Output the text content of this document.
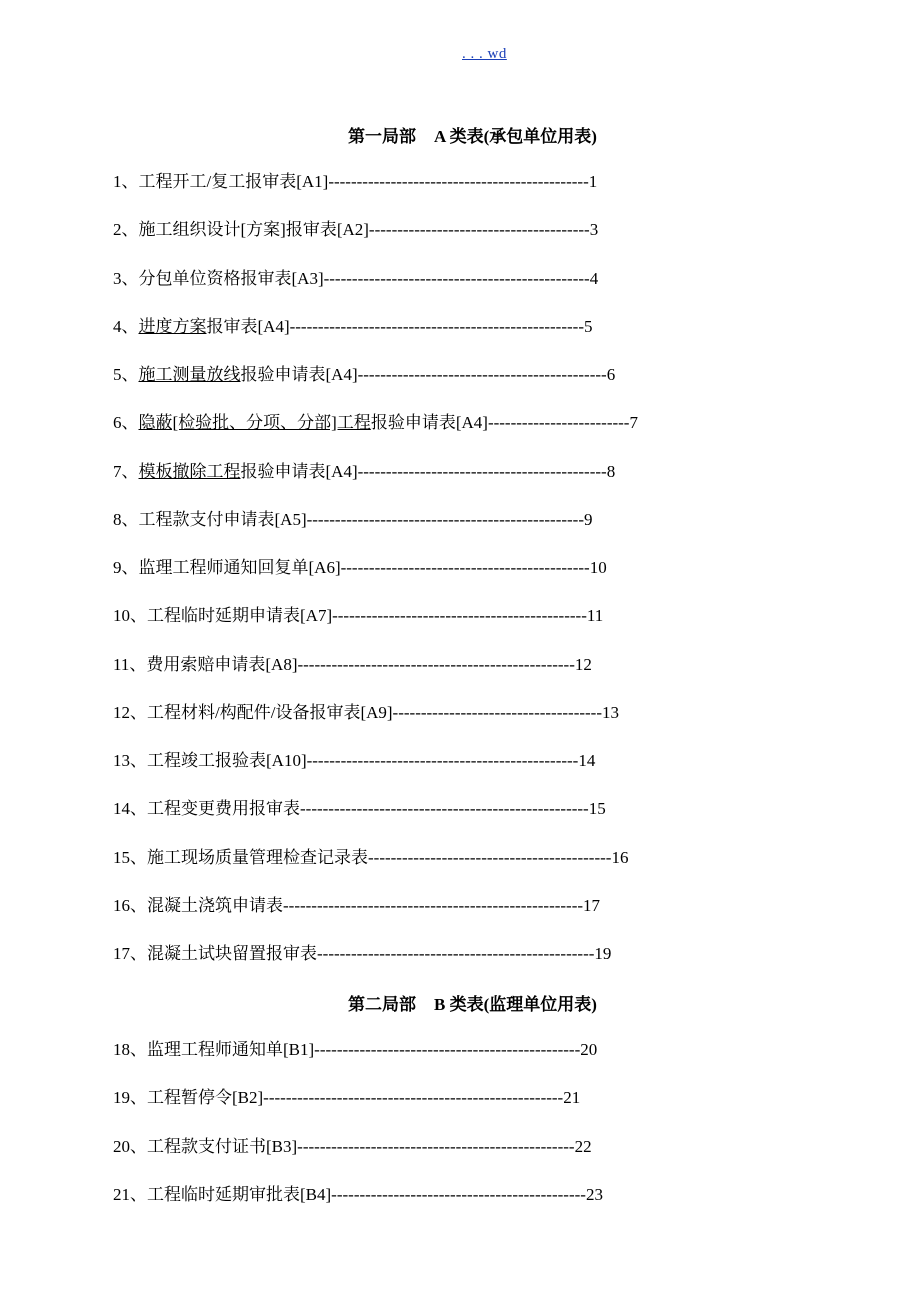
. . . wd
第一局部 A 类表(承包单位用表)
1、工程开工/复工报审表[A1]----------------------------------------------1
2、施工组织设计[方案]报审表[A2]---------------------------------------3
3、分包单位资格报审表[A3]-----------------------------------------------4
4、进度方案报审表[A4]----------------------------------------------------5
5、施工测量放线报验申请表[A4]--------------------------------------------6
6、隐蔽[检验批、分项、分部]工程报验申请表[A4]-------------------------7
7、模板撤除工程报验申请表[A4]--------------------------------------------8
8、工程款支付申请表[A5]-------------------------------------------------9
9、监理工程师通知回复单[A6]--------------------------------------------10
10、工程临时延期申请表[A7]---------------------------------------------11
11、费用索赔申请表[A8]-------------------------------------------------12
12、工程材料/构配件/设备报审表[A9]-------------------------------------13
13、工程竣工报验表[A10]------------------------------------------------14
14、工程变更费用报审表---------------------------------------------------15
15、施工现场质量管理检查记录表-------------------------------------------16
16、混凝土浇筑申请表-----------------------------------------------------17
17、混凝土试块留置报审表-------------------------------------------------19
第二局部 B 类表(监理单位用表)
18、监理工程师通知单[B1]-----------------------------------------------20
19、工程暂停令[B2]-----------------------------------------------------21
20、工程款支付证书[B3]-------------------------------------------------22
21、工程临时延期审批表[B4]---------------------------------------------23
